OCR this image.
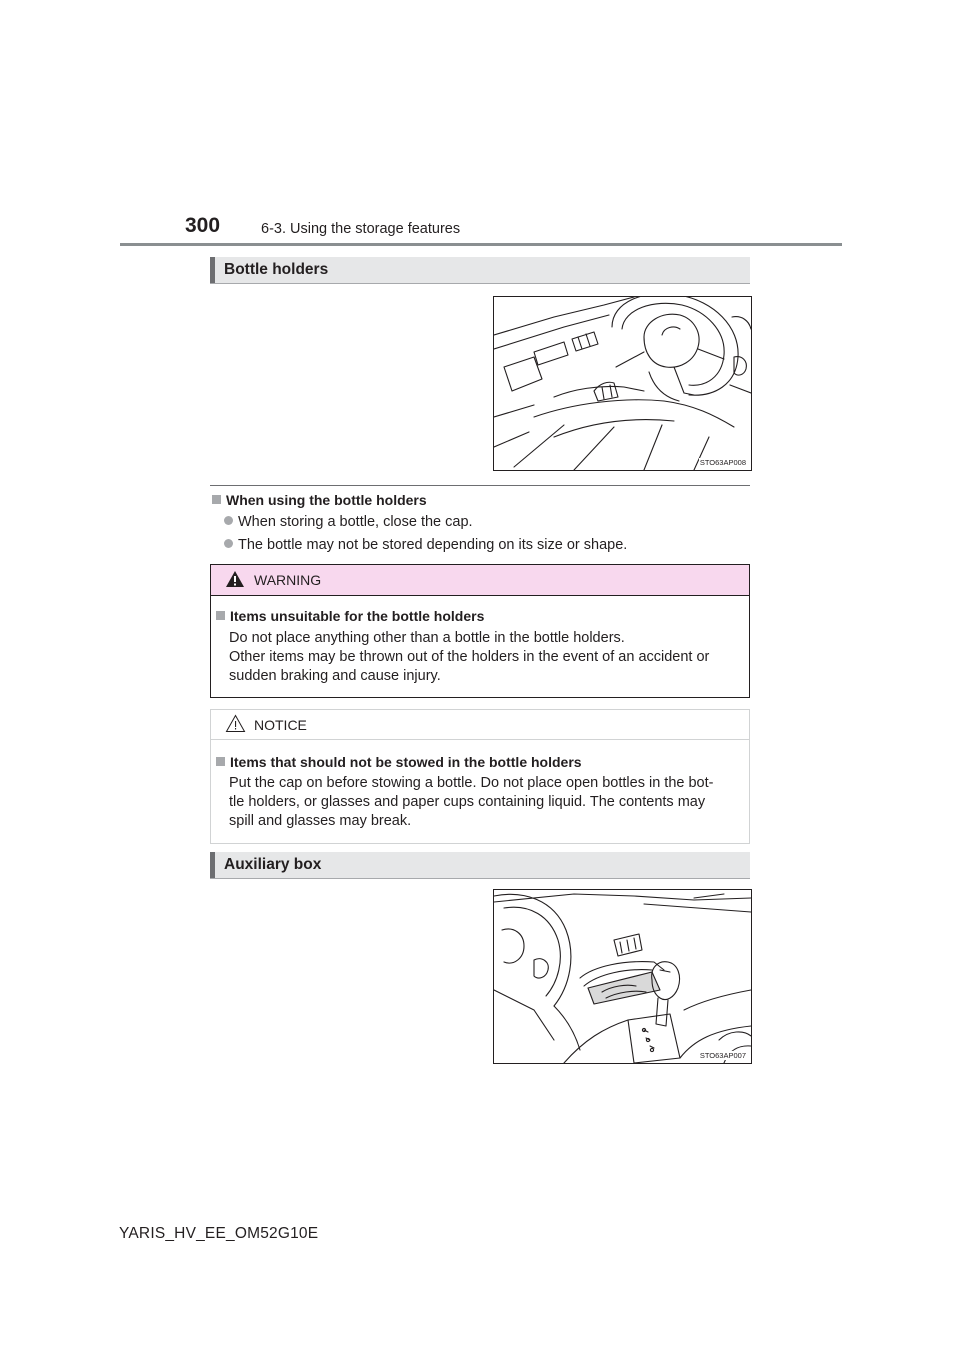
300	6-3. Using the storage features
Bottle holders
STO63AP008
When using the bottle holders
When storing a bottle, close the cap.
The bottle may not be stored depending on its size or shape.
WARNING
Items unsuitable for the bottle holders
Do not place anything other than a bottle in the bottle holders.
Other items may be thrown out of the holders in the event of an accident or
sudden braking and cause injury.
NOTICE
Items that should not be stowed in the bottle holders
Put the cap on before stowing a bottle. Do not place open bottles in the bot-
tle holders, or glasses and paper cups containing liquid. The contents may
spill and glasses may break.
Auxiliary box
STO63AP007
YARIS_HV_EE_OM52G10E
